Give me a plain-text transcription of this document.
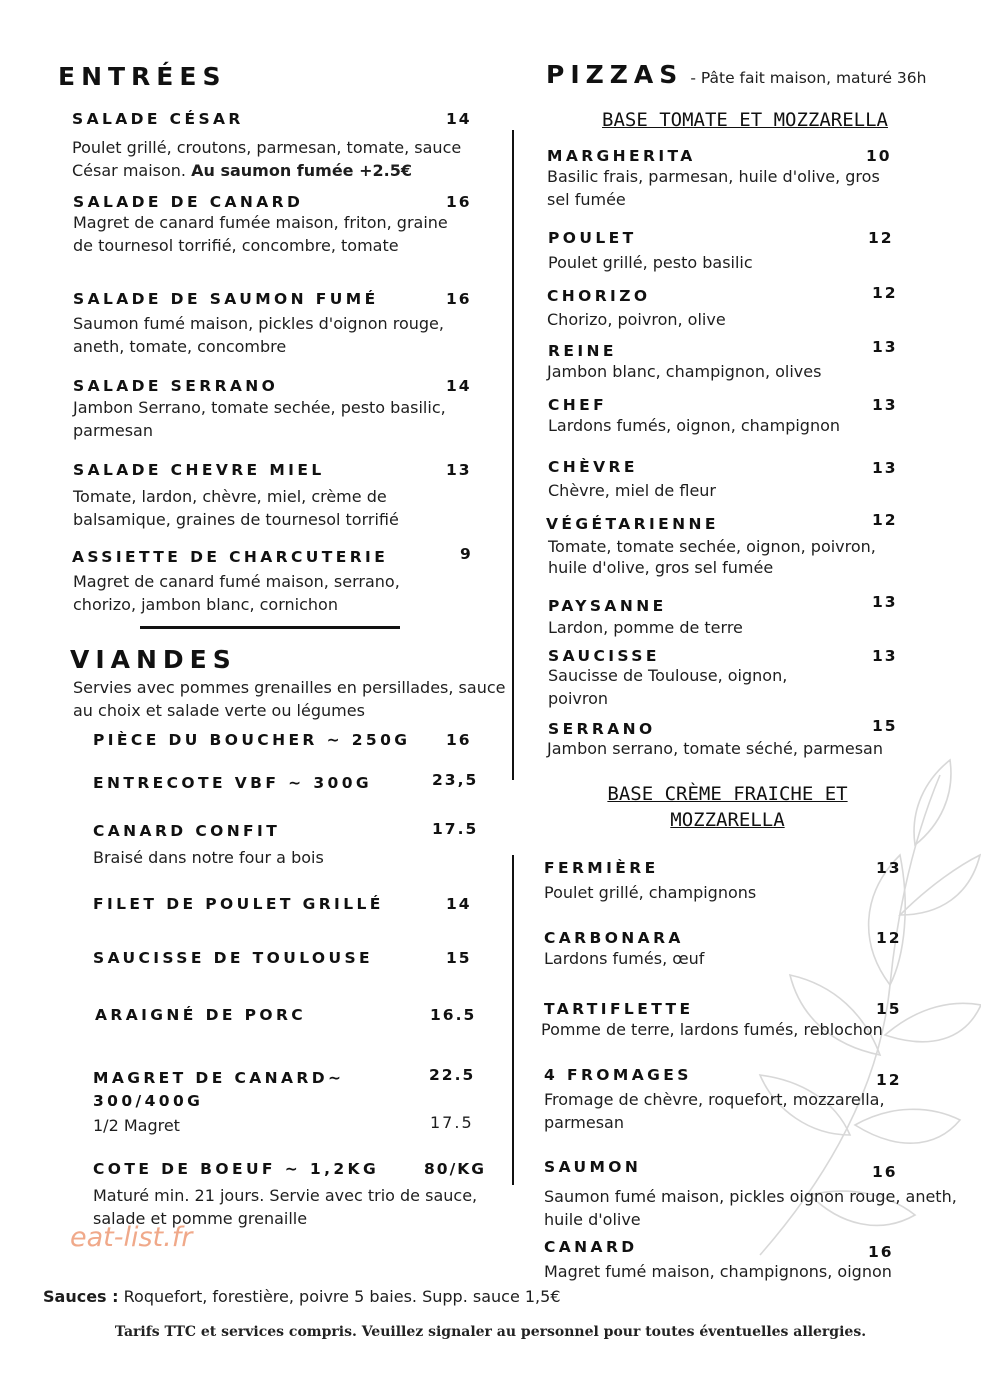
ENTRÉES
SALADE CÉSAR	14
Poulet grillé, croutons, parmesan, tomate, sauce César maison. Au saumon fumée +2.5€
SALADE DE CANARD	16
Magret de canard fumée maison, friton, graine de tournesol torrifié, concombre, tomate
SALADE DE SAUMON FUMÉ	16
Saumon fumé maison, pickles d'oignon rouge, aneth, tomate, concombre
SALADE SERRANO	14
Jambon Serrano, tomate sechée, pesto basilic, parmesan
SALADE CHEVRE MIEL	13
Tomate, lardon, chèvre, miel, crème de balsamique, graines de tournesol torrifié
ASSIETTE DE CHARCUTERIE	9
Magret de canard fumé maison, serrano, chorizo, jambon blanc, cornichon
VIANDES
Servies avec pommes grenailles en persillades, sauce au choix et salade verte ou légumes
PIÈCE DU BOUCHER ~ 250G 16
ENTRECOTE VBF ~ 300G	23,5
CANARD CONFIT	17.5
Braisé dans notre four a bois
FILET DE POULET GRILLÉ	14
SAUCISSE DE TOULOUSE	15
ARAIGNÉ DE PORC	16.5
MAGRET DE CANARD~	22.5
300/400G
1/2 Magret	17.5
COTE DE BOEUF ~ 1,2KG	80/KG
Maturé min. 21 jours. Servie avec trio de sauce, salade et pomme grenaille
eat-list.fr
PIZZAS - Pâte fait maison, maturé 36h
BASE TOMATE ET MOZZARELLA
MARGHERITA	10
Basilic frais, parmesan, huile d'olive, gros sel fumée
POULET	12
Poulet grillé, pesto basilic
CHORIZO	12
Chorizo, poivron, olive
REINE	13
Jambon blanc, champignon, olives
CHEF	13
Lardons fumés, oignon, champignon
CHÈVRE	13
Chèvre, miel de fleur
VÉGÉTARIENNE	12
Tomate, tomate sechée, oignon, poivron, huile d'olive, gros sel fumée
PAYSANNE	13
Lardon, pomme de terre
SAUCISSE	13
Saucisse de Toulouse, oignon, poivron
SERRANO	15
Jambon serrano, tomate séché, parmesan
BASE CRÈME FRAICHE ET
MOZZARELLA
FERMIÈRE	13
Poulet grillé, champignons
CARBONARA	12
Lardons fumés, œuf
TARTIFLETTE	15
Pomme de terre, lardons fumés, reblochon
4 FROMAGES	12
Fromage de chèvre, roquefort, mozzarella, parmesan
SAUMON	16
Saumon fumé maison, pickles oignon rouge, aneth, huile d'olive
CANARD	16
Magret fumé maison, champignons, oignon
Sauces : Roquefort, forestière, poivre 5 baies. Supp. sauce 1,5€
Tarifs TTC et services compris. Veuillez signaler au personnel pour toutes éventuelles allergies.
